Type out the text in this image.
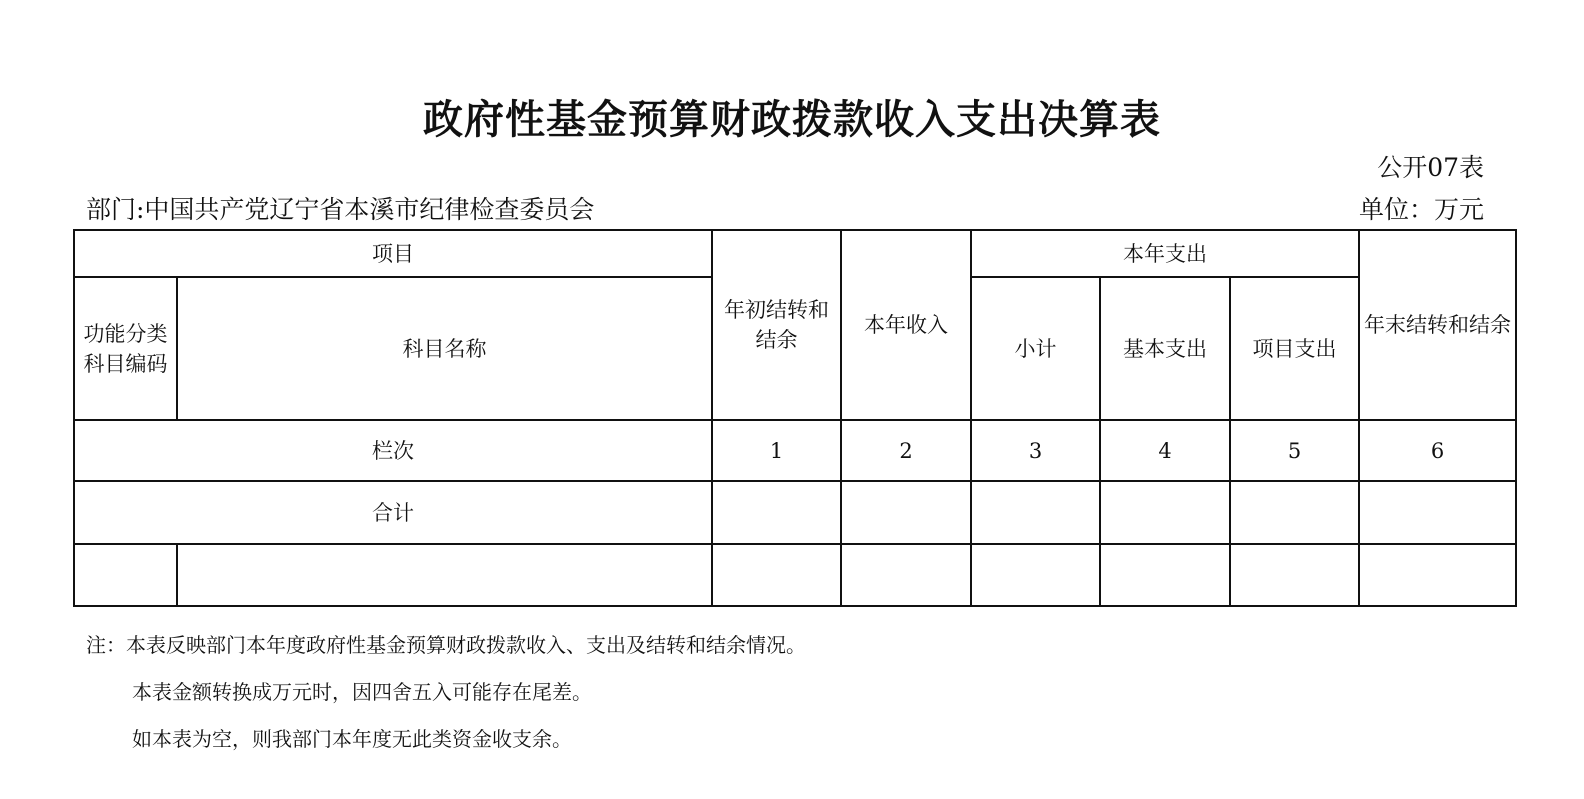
政府性基金预算财政拨款收入支出决算表
公开07表
部门:中国共产党辽宁省本溪市纪律检查委员会	单位：万元
项目		年初结转和结余	本年收入	本年支出			年末结转和结余
功能分类科目编码	科目名称			小计	基本支出	项目支出	
栏次		1	2	3	4	5	6
合计							

注：本表反映部门本年度政府性基金预算财政拨款收入、支出及结转和结余情况。
本表金额转换成万元时，因四舍五入可能存在尾差。
如本表为空，则我部门本年度无此类资金收支余。
